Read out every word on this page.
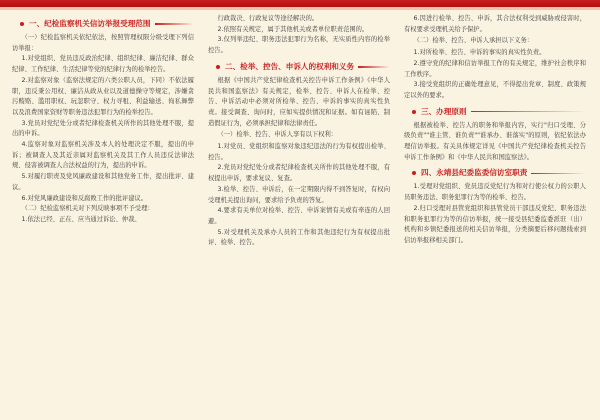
一、纪检监察机关信访举报受理范围

（一）纪检监察机关依纪依法，按照管理权限分级受理下列信访举报：

1.对党组织、党员违反政治纪律、组织纪律、廉洁纪律、群众纪律、工作纪律、生活纪律等党的纪律行为的检举控告。

2.对监察对象（监察法规定的六类公职人员，下同）不依法履职，违反秉公用权、廉洁从政从业以及道德操守等规定，涉嫌贪污贿赂、滥用职权、玩忽职守、权力寻租、利益输送、徇私舞弊以及浪费国家资财等职务违法犯罪行为的检举控告。

3.党员对党纪处分或者纪律检查机关所作的其他处理不服，提出的申诉。

4.监察对象对监察机关涉及本人的处理决定不服，提出的申诉；被调查人及其近亲属对监察机关及其工作人员违反法律法规、侵害被调查人合法权益的行为，提出的申诉。

5.对履行职责及党风廉政建设和其他党务工作，提出批评、建议。

6.对党风廉政建设和反腐败工作的批评建议。

（二）纪检监察机关对下列反映事项不予受理：

1.依法已经、正在、应当通过诉讼、仲裁、

行政裁决、行政复议等途径解决的。

2.依照有关规定，属于其他机关或者单位职责范围的。

3.仅列举违纪、职务违法犯罪行为名称，无实质性内容的检举控告。

二、检举、控告、申诉人的权利和义务

根据《中国共产党纪律检查机关控告申诉工作条例》《中华人民共和国监察法》有关规定，检举、控告、申诉人在检举、控告、申诉活动中必须对所检举、控告、申诉的事实的真实性负责。接受调查、询问时，应如实提供情况和证据。如有诬陷、制造假证行为，必须承担纪律和法律责任。

（一）检举、控告、申诉人享有以下权利：

1.对党员、党组织和监察对象违纪违法的行为有权提出检举、控告。

2.党员对党纪处分或者纪律检查机关所作的其他处理不服，有权提出申诉，要求复议、复查。

3.检举、控告、申诉后，在一定期限内得不到答复时，有权向受理机关提出询问，要求给予负责的答复。

4.要求有关单位对检举、控告、申诉案情有关或有牵连的人回避。

5.对受理机关及承办人员的工作和其他违纪行为有权提出批评、检举、控告。

6.因进行检举、控告、申诉，其合法权利受到威胁或侵害时，有权要求受理机关给予保护。

（二）检举、控告、申诉人承担以下义务：

1.对所检举、控告、申诉的事实的真实性负责。

2.遵守党的纪律和信访举报工作的有关规定，维护社会秩序和工作秩序。

3.接受党组织的正确处理意见，不得提出党章、制度、政策规定以外的要求。

三、办理原则

根据被检举、控告人的职务和举报内容，实行"归口受理、分级负责""谁主管、谁负责""谁承办、谁落实"的原则，依纪依法办理信访举报。有关具体规定详见《中国共产党纪律检查机关控告申诉工作条例》和《中华人民共和国监察法》。

四、永靖县纪委监委信访室职责

1.受理对党组织、党员违反党纪行为和对行使公权力的公职人员职务违法、职务犯罪行为等的检举、控告。

2.归口受理对县管党组织和县管党员干部违反党纪、职务违法和职务犯罪行为等的信访举报，统一接受县纪委监委派驻（出）机构和乡镇纪委报送的相关信访举报，分类摘要后移问题线索到信访举报移相关部门。
